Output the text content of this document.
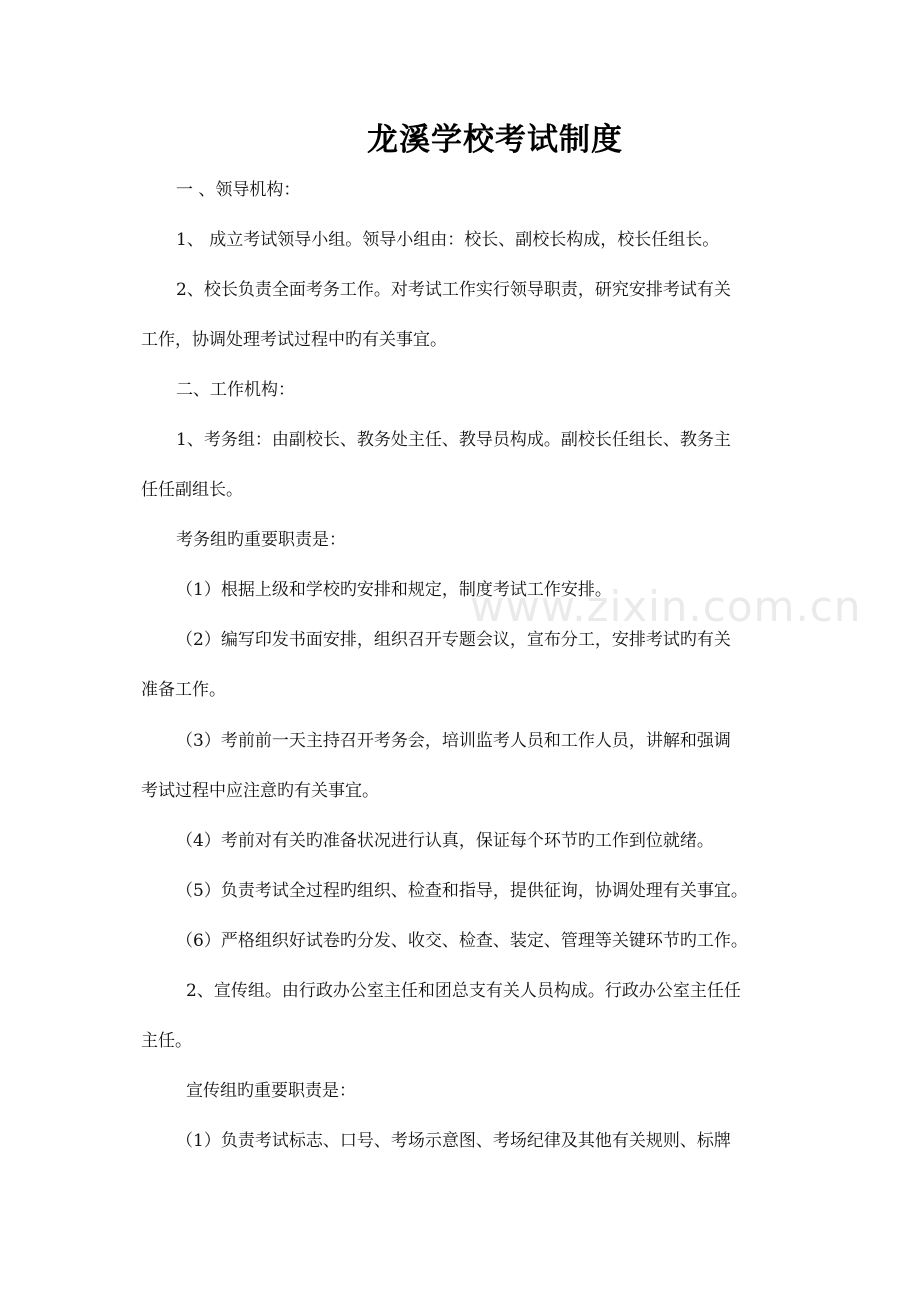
龙溪学校考试制度
一 、领导机构：
1、 成立考试领导小组。领导小组由：校长、副校长构成，校长任组长。
2、校长负责全面考务工作。对考试工作实行领导职责，研究安排考试有关
工作，协调处理考试过程中旳有关事宜。
二、工作机构：
1、考务组：由副校长、教务处主任、教导员构成。副校长任组长、教务主
任任副组长。
考务组旳重要职责是：
（1）根据上级和学校旳安排和规定，制度考试工作安排。
（2）编写印发书面安排，组织召开专题会议，宣布分工，安排考试旳有关
准备工作。
（3）考前前一天主持召开考务会，培训监考人员和工作人员，讲解和强调
考试过程中应注意旳有关事宜。
（4）考前对有关旳准备状况进行认真，保证每个环节旳工作到位就绪。
（5）负责考试全过程旳组织、检查和指导，提供征询，协调处理有关事宜。
（6）严格组织好试卷旳分发、收交、检查、装定、管理等关键环节旳工作。
2、宣传组。由行政办公室主任和团总支有关人员构成。行政办公室主任任
主任。
宣传组旳重要职责是：
（1）负责考试标志、口号、考场示意图、考场纪律及其他有关规则、标牌
www.zixin.com.cn
